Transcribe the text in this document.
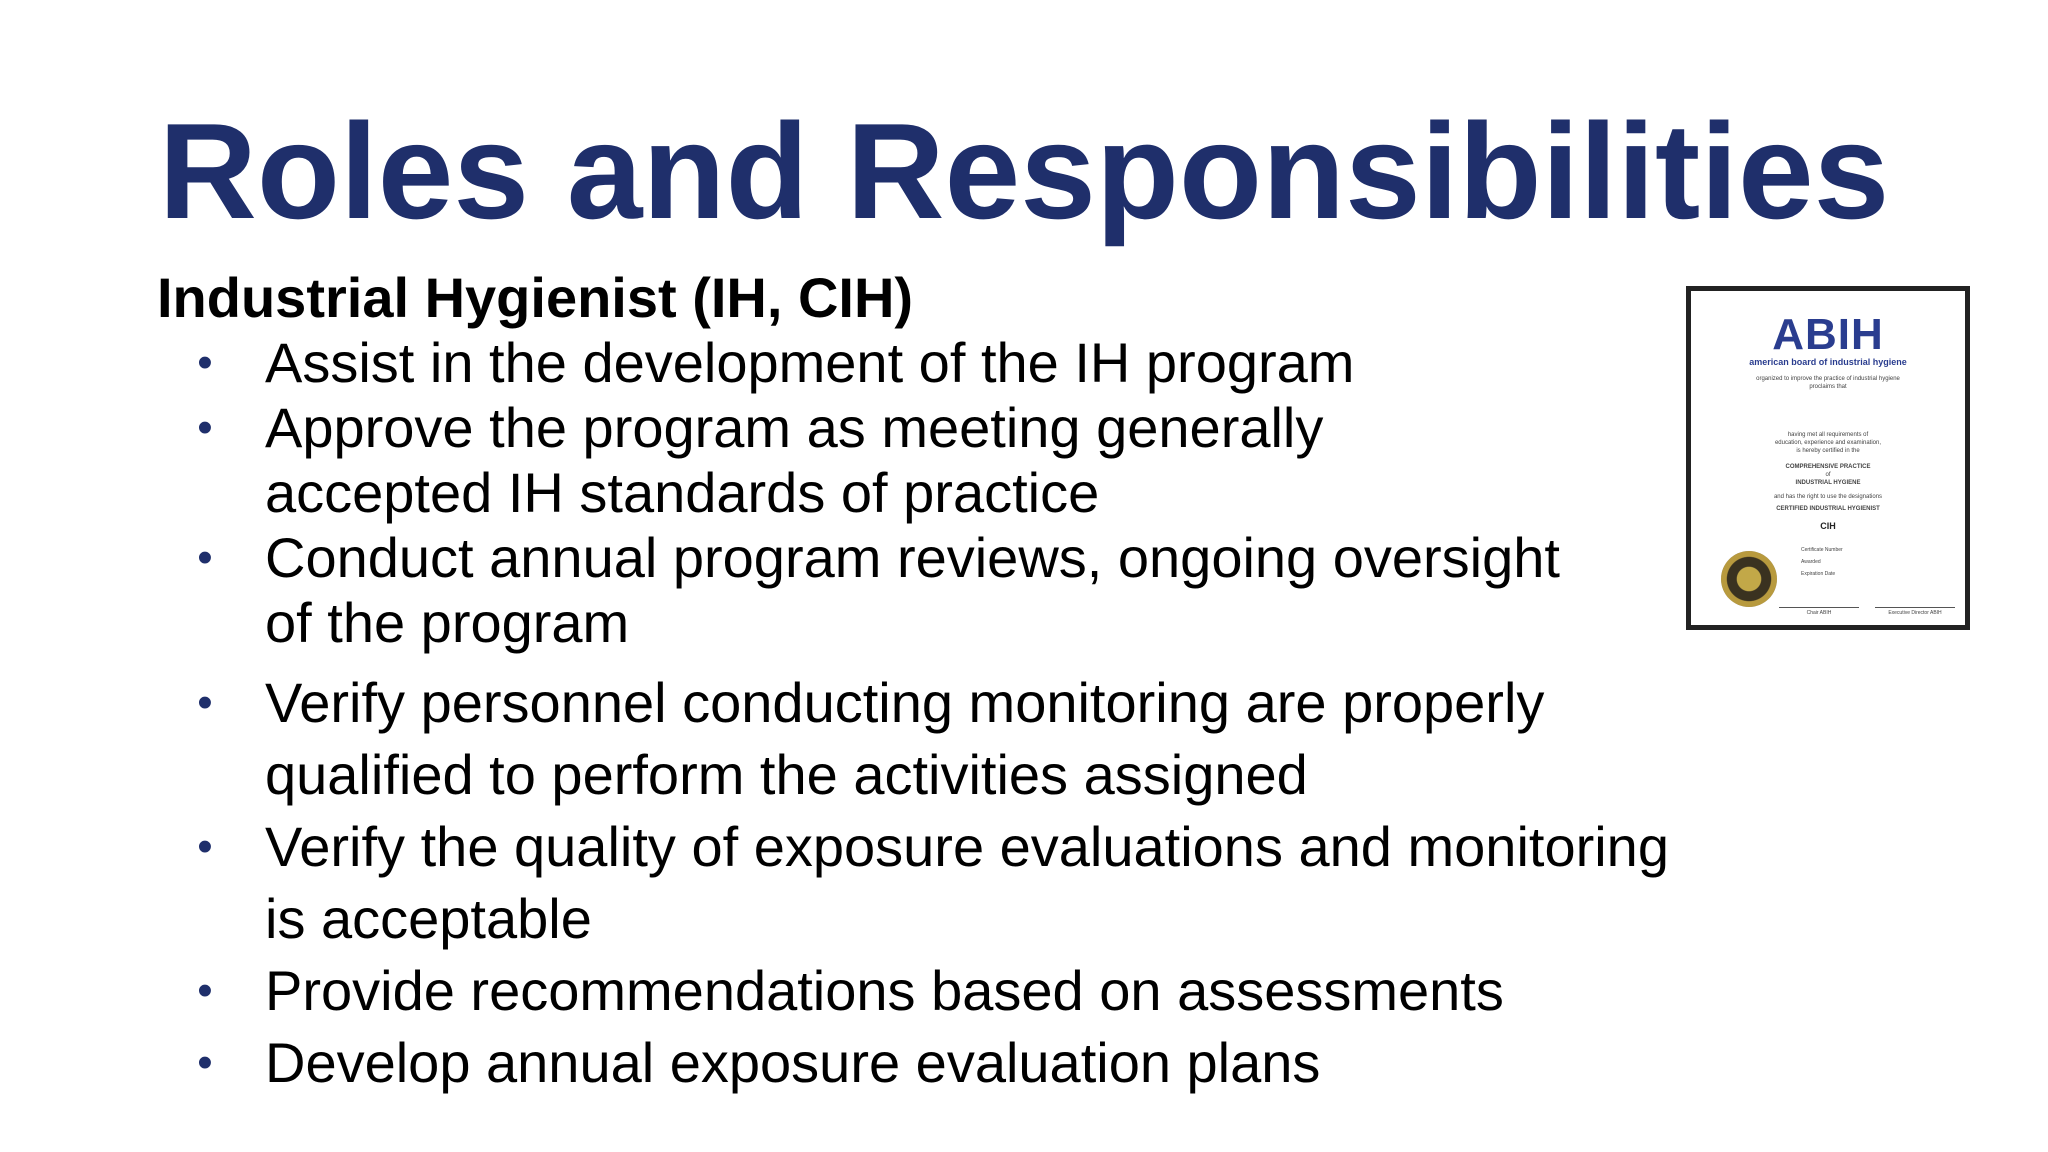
Roles and Responsibilities
Industrial Hygienist (IH, CIH)
• Assist in the development of the IH program
• Approve the program as meeting generally
accepted IH standards of practice
• Conduct annual program reviews, ongoing oversight
of the program
• Verify personnel conducting monitoring are properly
qualified to perform the activities assigned
• Verify the quality of exposure evaluations and monitoring
is acceptable
• Provide recommendations based on assessments
• Develop annual exposure evaluation plans
ABIH
american board of industrial hygiene
organized to improve the practice of industrial hygiene
proclaims that
having met all requirements of
education, experience and examination,
is hereby certified in the
COMPREHENSIVE PRACTICE
of
INDUSTRIAL HYGIENE
and has the right to use the designations
CERTIFIED INDUSTRIAL HYGIENIST
CIH
Certificate Number
Awarded
Expiration Date
Chair ABIH	Executive Director ABIH
